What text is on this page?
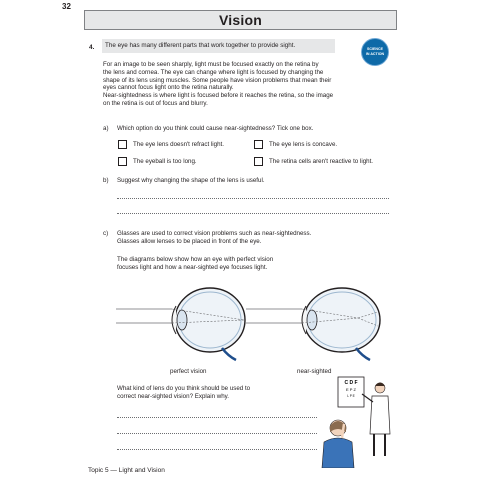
32
Vision
4. The eye has many different parts that work together to provide sight.	SCIENCE
IN ACTION
For an image to be seen sharply, light must be focused exactly on the retina by
the lens and cornea. The eye can change where light is focused by changing the
shape of its lens using muscles. Some people have vision problems that mean their
eyes cannot focus light onto the retina naturally.
Near-sightedness is where light is focused before it reaches the retina, so the image
on the retina is out of focus and blurry.
a) Which option do you think could cause near-sightedness? Tick one box.
The eye lens doesn't refract light.	The eye lens is concave.
The eyeball is too long.	The retina cells aren't reactive to light.
b) Suggest why changing the shape of the lens is useful.
c) Glasses are used to correct vision problems such as near-sightedness.
Glasses allow lenses to be placed in front of the eye.
The diagrams below show how an eye with perfect vision
focuses light and how a near-sighted eye focuses light.
perfect vision	near-sighted
What kind of lens do you think should be used to
correct near-sighted vision? Explain why.
C D F
E P Z
L P E
Topic 5 — Light and Vision
